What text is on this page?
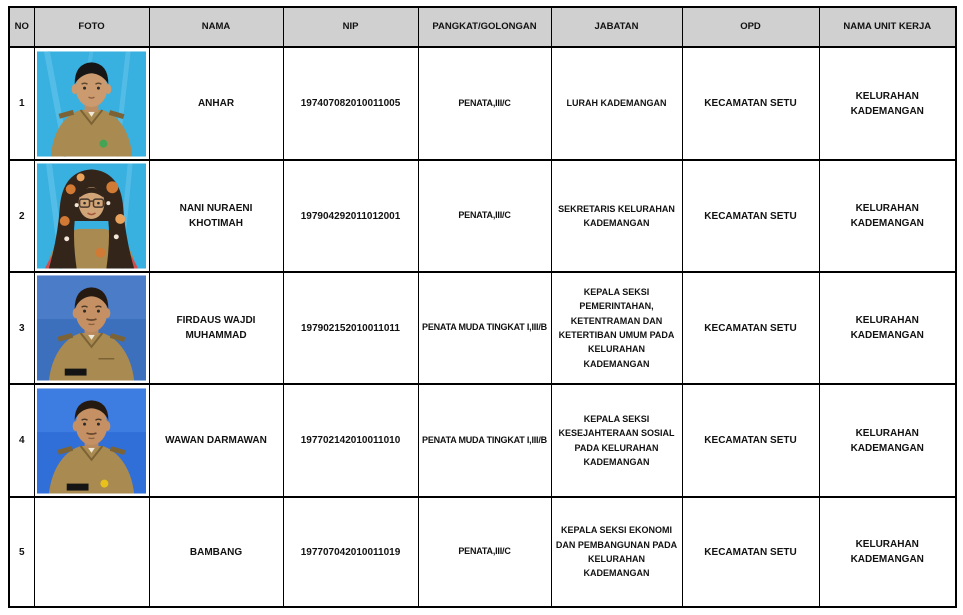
NO	FOTO	NAMA	NIP	PANGKAT/GOLONGAN	JABATAN	OPD	NAMA UNIT KERJA
1		ANHAR	197407082010011005	PENATA,III/C	LURAH KADEMANGAN	KECAMATAN SETU	KELURAHAN KADEMANGAN
2		NANI NURAENI KHOTIMAH	197904292011012001	PENATA,III/C	SEKRETARIS KELURAHAN KADEMANGAN	KECAMATAN SETU	KELURAHAN KADEMANGAN
3		FIRDAUS WAJDI MUHAMMAD	197902152010011011	PENATA MUDA TINGKAT I,III/B	KEPALA SEKSI PEMERINTAHAN, KETENTRAMAN DAN KETERTIBAN UMUM PADA KELURAHAN KADEMANGAN	KECAMATAN SETU	KELURAHAN KADEMANGAN
4		WAWAN DARMAWAN	197702142010011010	PENATA MUDA TINGKAT I,III/B	KEPALA SEKSI KESEJAHTERAAN SOSIAL PADA KELURAHAN KADEMANGAN	KECAMATAN SETU	KELURAHAN KADEMANGAN
5		BAMBANG	197707042010011019	PENATA,III/C	KEPALA SEKSI EKONOMI DAN PEMBANGUNAN PADA KELURAHAN KADEMANGAN	KECAMATAN SETU	KELURAHAN KADEMANGAN
